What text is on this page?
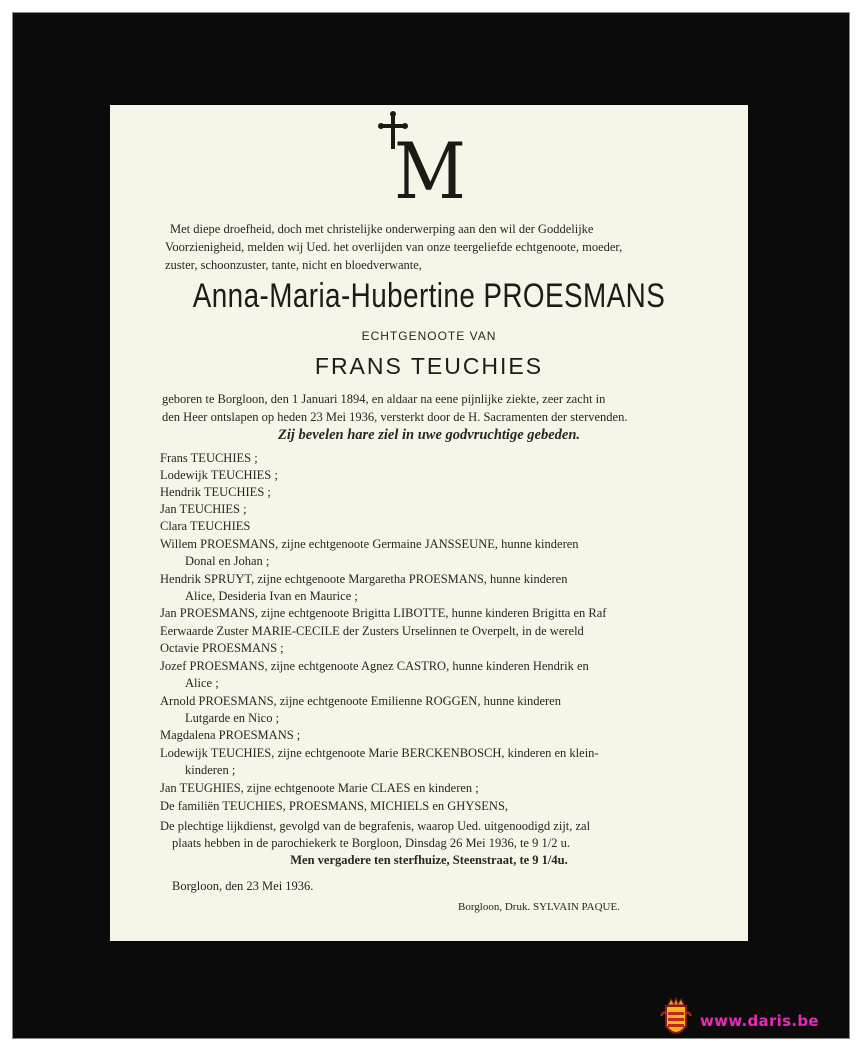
M
Met diepe droefheid, doch met christelijke onderwerping aan den wil der Goddelijke
Voorzienigheid, melden wij Ued. het overlijden van onze teergeliefde echtgenoote, moeder,
zuster, schoonzuster, tante, nicht en bloedverwante,
Anna-Maria-Hubertine PROESMANS
ECHTGENOOTE VAN
FRANS TEUCHIES
geboren te Borgloon, den 1 Januari 1894, en aldaar na eene pijnlijke ziekte, zeer zacht in
den Heer ontslapen op heden 23 Mei 1936, versterkt door de H. Sacramenten der stervenden.
Zij bevelen hare ziel in uwe godvruchtige gebeden.
Frans TEUCHIES ;
Lodewijk TEUCHIES ;
Hendrik TEUCHIES ;
Jan TEUCHIES ;
Clara TEUCHIES
Willem PROESMANS, zijne echtgenoote Germaine JANSSEUNE, hunne kinderen
Donal en Johan ;
Hendrik SPRUYT, zijne echtgenoote Margaretha PROESMANS, hunne kinderen
Alice, Desideria Ivan en Maurice ;
Jan PROESMANS, zijne echtgenoote Brigitta LIBOTTE, hunne kinderen Brigitta en Raf
Eerwaarde Zuster MARIE-CECILE der Zusters Urselinnen te Overpelt, in de wereld
Octavie PROESMANS ;
Jozef PROESMANS, zijne echtgenoote Agnez CASTRO, hunne kinderen Hendrik en
Alice ;
Arnold PROESMANS, zijne echtgenoote Emilienne ROGGEN, hunne kinderen
Lutgarde en Nico ;
Magdalena PROESMANS ;
Lodewijk TEUCHIES, zijne echtgenoote Marie BERCKENBOSCH, kinderen en klein-
kinderen ;
Jan TEUGHIES, zijne echtgenoote Marie CLAES en kinderen ;
De familiën TEUCHIES, PROESMANS, MICHIELS en GHYSENS,
De plechtige lijkdienst, gevolgd van de begrafenis, waarop Ued. uitgenoodigd zijt, zal
plaats hebben in de parochiekerk te Borgloon, Dinsdag 26 Mei 1936, te 9 1/2 u.
Men vergadere ten sterfhuize, Steenstraat, te 9 1/4u.
Borgloon, den 23 Mei 1936.
Borgloon, Druk. SYLVAIN PAQUE.
www.daris.be
